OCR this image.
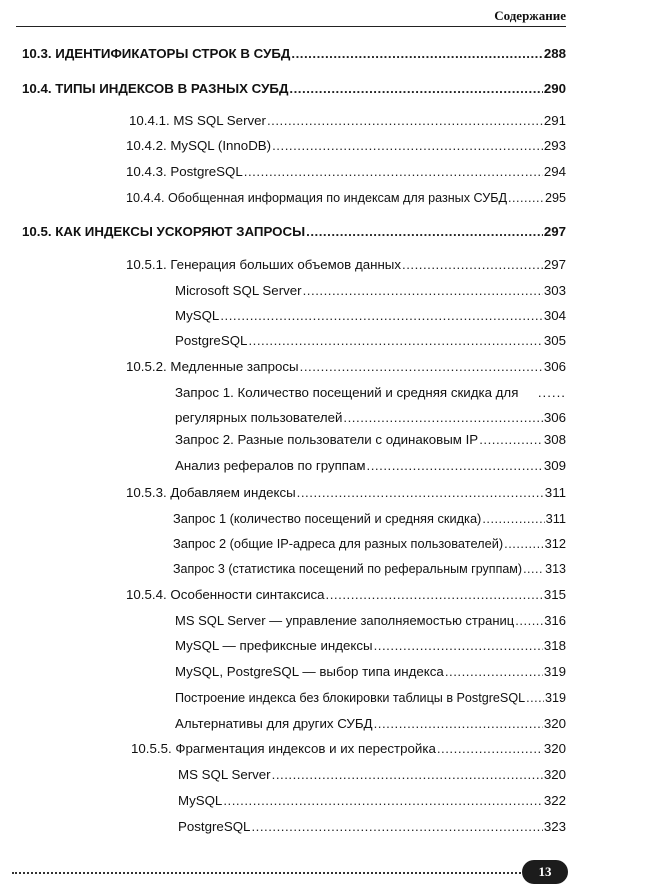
Содержание
10.3. ИДЕНТИФИКАТОРЫ СТРОК В СУБД .....	288
10.4. ТИПЫ ИНДЕКСОВ В РАЗНЫХ СУБД .....	290
10.4.1. MS SQL Server .....	291
10.4.2. MySQL (InnoDB) .....	293
10.4.3. PostgreSQL .....	294
10.4.4. Обобщенная информация по индексам для разных СУБД .....	295
10.5. КАК ИНДЕКСЫ УСКОРЯЮТ ЗАПРОСЫ .....	297
10.5.1. Генерация больших объемов данных .....	297
Microsoft SQL Server .....	303
MySQL .....	304
PostgreSQL .....	305
10.5.2. Медленные запросы .....	306
Запрос 1. Количество посещений и средняя скидка для	......
регулярных пользователей .....	306
Запрос 2. Разные пользователи с одинаковым IP .....	308
Анализ рефералов по группам .....	309
10.5.3. Добавляем индексы .....	311
Запрос 1 (количество посещений и средняя скидка) .....	311
Запрос 2 (общие IP-адреса для разных пользователей) .....	312
Запрос 3 (статистика посещений по реферальным группам) ..... 313
10.5.4. Особенности синтаксиса .....	315
MS SQL Server — управление заполняемостью страниц ..... 316
MySQL — префиксные индексы .....	318
MySQL, PostgreSQL — выбор типа индекса .....	319
Построение индекса без блокировки таблицы в PostgreSQL ..... 319
Альтернативы для других СУБД .....	320
10.5.5. Фрагментация индексов и их перестройка .....	320
MS SQL Server .....	320
MySQL .....	322
PostgreSQL .....	323
13
